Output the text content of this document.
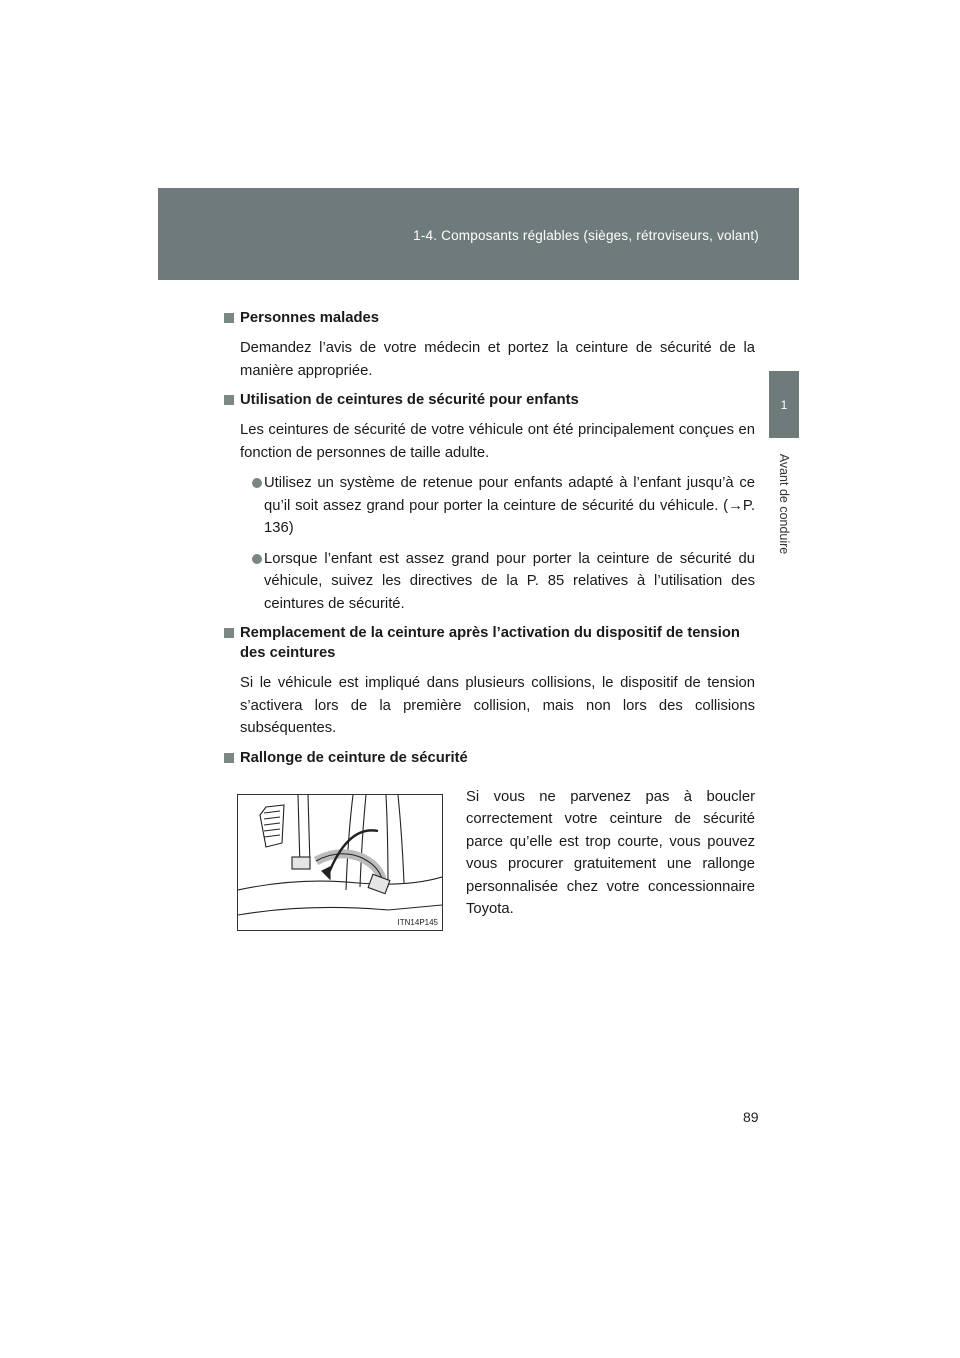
1-4. Composants réglables (sièges, rétroviseurs, volant)
1
Avant de conduire
Personnes malades
Demandez l’avis de votre médecin et portez la ceinture de sécurité de la manière appropriée.
Utilisation de ceintures de sécurité pour enfants
Les ceintures de sécurité de votre véhicule ont été principalement conçues en fonction de personnes de taille adulte.
Utilisez un système de retenue pour enfants adapté à l’enfant jusqu’à ce qu’il soit assez grand pour porter la ceinture de sécurité du véhicule. (→P. 136)
Lorsque l’enfant est assez grand pour porter la ceinture de sécurité du véhicule, suivez les directives de la P. 85 relatives à l’utilisation des ceintures de sécurité.
Remplacement de la ceinture après l’activation du dispositif de tension des ceintures
Si le véhicule est impliqué dans plusieurs collisions, le dispositif de tension s’activera lors de la première collision, mais non lors des collisions subséquentes.
Rallonge de ceinture de sécurité
ITN14P145
Si vous ne parvenez pas à boucler correctement votre ceinture de sécurité parce qu’elle est trop courte, vous pouvez vous procurer gratuitement une rallonge personnalisée chez votre concessionnaire Toyota.
89
